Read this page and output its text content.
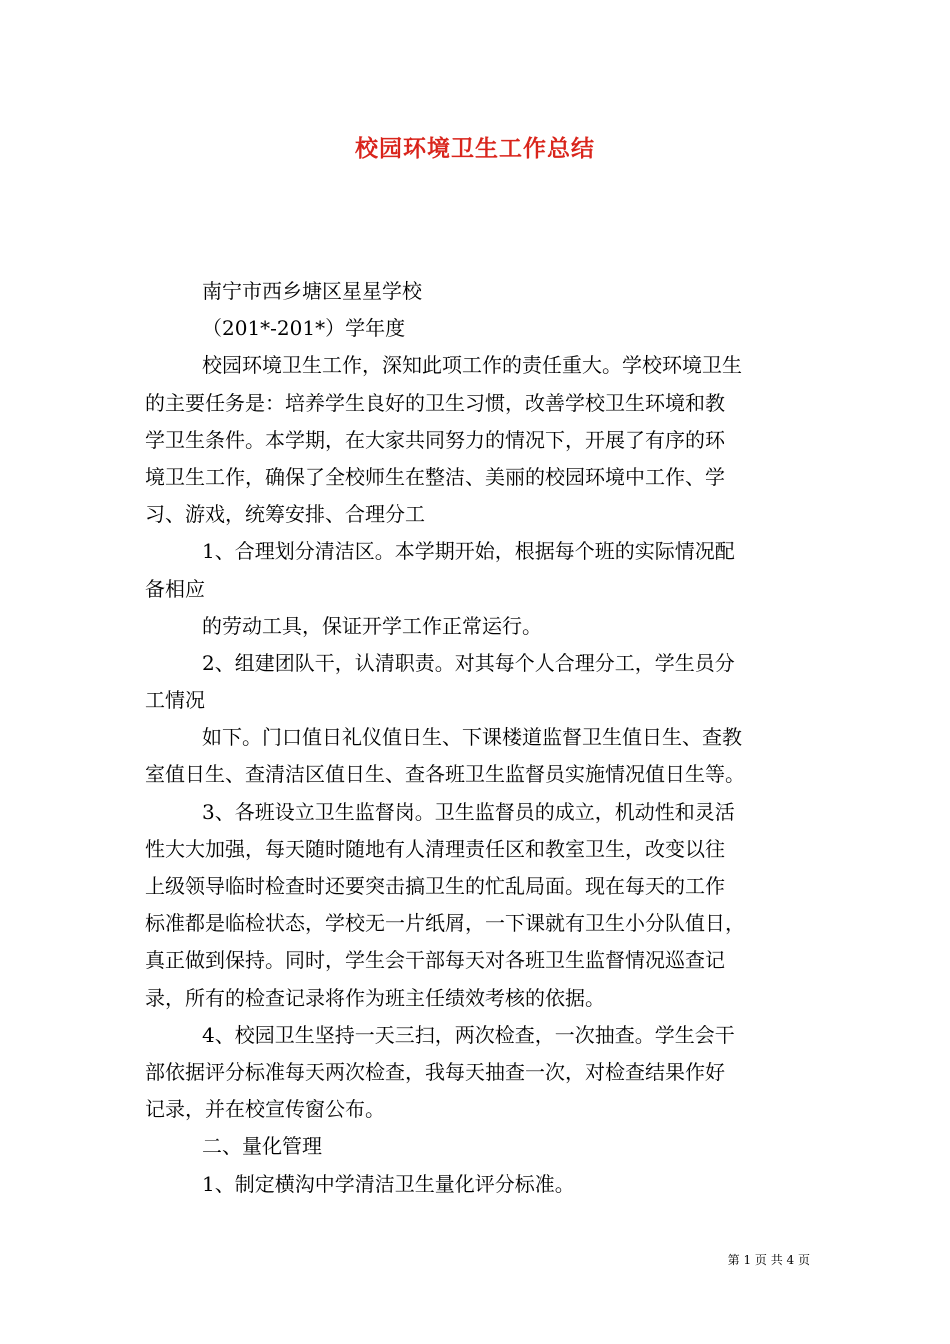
校园环境卫生工作总结
南宁市西乡塘区星星学校
（201*-201*）学年度
校园环境卫生工作，深知此项工作的责任重大。学校环境卫生
的主要任务是：培养学生良好的卫生习惯，改善学校卫生环境和教
学卫生条件。本学期，在大家共同努力的情况下，开展了有序的环
境卫生工作，确保了全校师生在整洁、美丽的校园环境中工作、学
习、游戏，统筹安排、合理分工
1、合理划分清洁区。本学期开始，根据每个班的实际情况配
备相应
的劳动工具，保证开学工作正常运行。
2、组建团队干，认清职责。对其每个人合理分工，学生员分
工情况
如下。门口值日礼仪值日生、下课楼道监督卫生值日生、查教
室值日生、查清洁区值日生、查各班卫生监督员实施情况值日生等。
3、各班设立卫生监督岗。卫生监督员的成立，机动性和灵活
性大大加强，每天随时随地有人清理责任区和教室卫生，改变以往
上级领导临时检查时还要突击搞卫生的忙乱局面。现在每天的工作
标准都是临检状态，学校无一片纸屑，一下课就有卫生小分队值日，
真正做到保持。同时，学生会干部每天对各班卫生监督情况巡查记
录，所有的检查记录将作为班主任绩效考核的依据。
4、校园卫生坚持一天三扫，两次检查，一次抽查。学生会干
部依据评分标准每天两次检查，我每天抽查一次，对检查结果作好
记录，并在校宣传窗公布。
二、量化管理
1、制定横沟中学清洁卫生量化评分标准。
第 1 页 共 4 页
